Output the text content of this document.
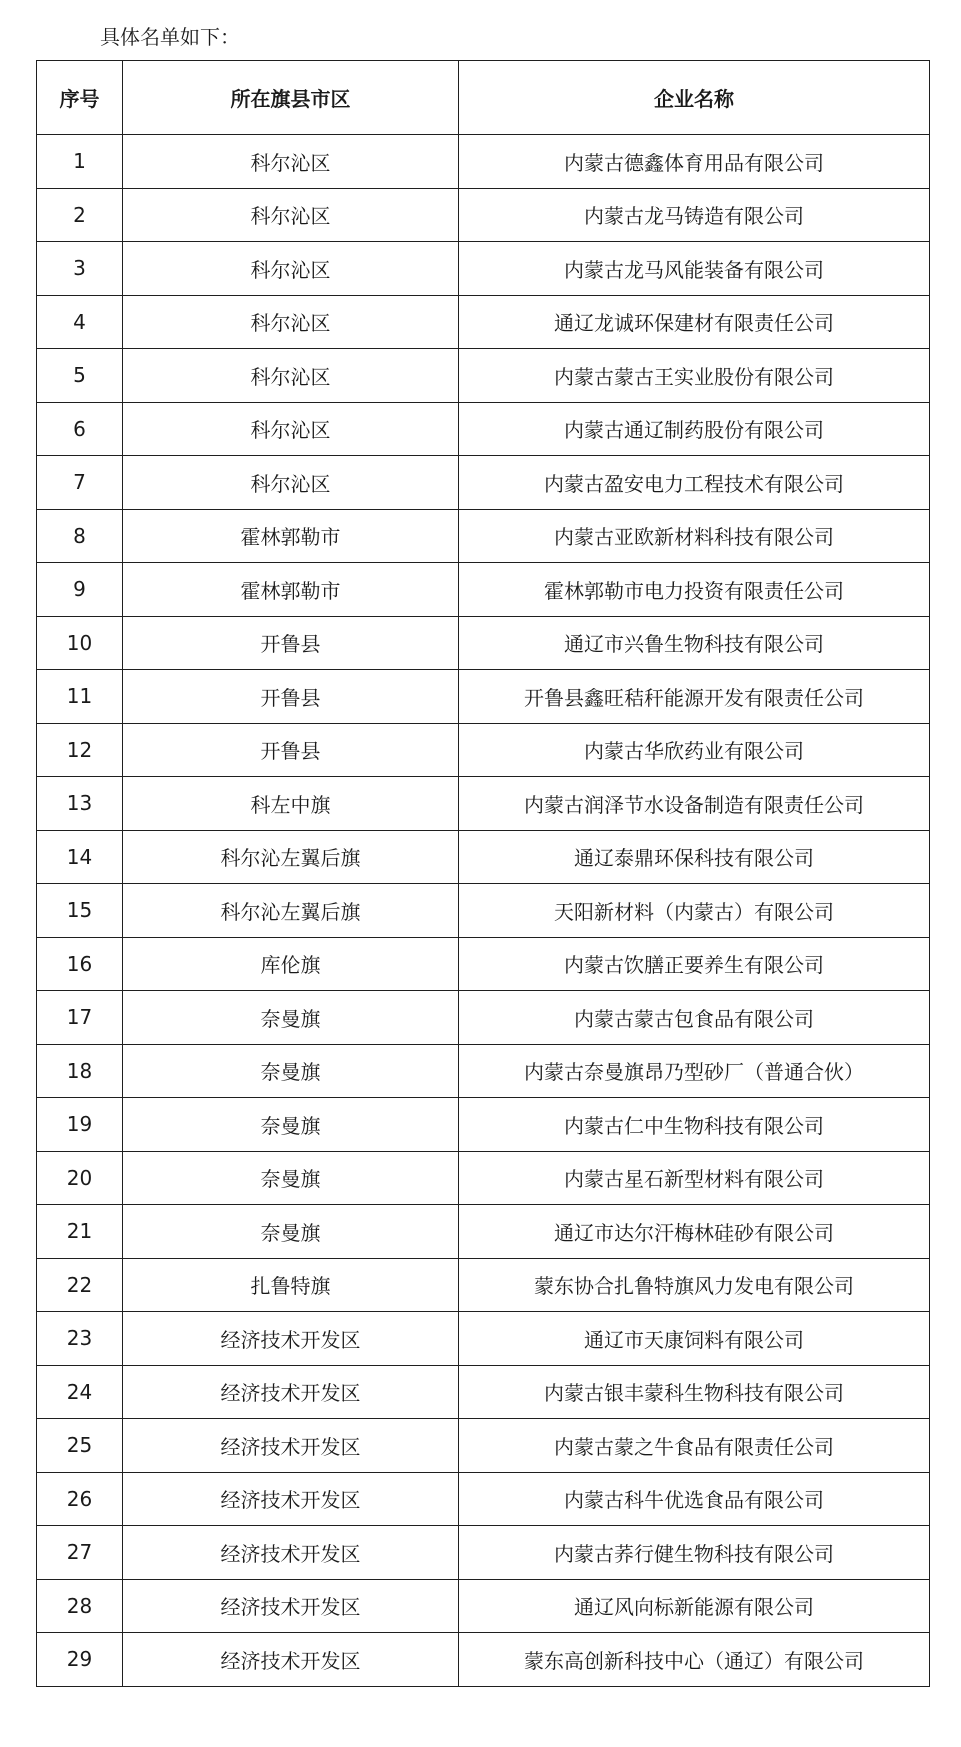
具体名单如下：

序号	所在旗县市区	企业名称
1	科尔沁区	内蒙古德鑫体育用品有限公司
2	科尔沁区	内蒙古龙马铸造有限公司
3	科尔沁区	内蒙古龙马风能装备有限公司
4	科尔沁区	通辽龙诚环保建材有限责任公司
5	科尔沁区	内蒙古蒙古王实业股份有限公司
6	科尔沁区	内蒙古通辽制药股份有限公司
7	科尔沁区	内蒙古盈安电力工程技术有限公司
8	霍林郭勒市	内蒙古亚欧新材料科技有限公司
9	霍林郭勒市	霍林郭勒市电力投资有限责任公司
10	开鲁县	通辽市兴鲁生物科技有限公司
11	开鲁县	开鲁县鑫旺秸秆能源开发有限责任公司
12	开鲁县	内蒙古华欣药业有限公司
13	科左中旗	内蒙古润泽节水设备制造有限责任公司
14	科尔沁左翼后旗	通辽泰鼎环保科技有限公司
15	科尔沁左翼后旗	天阳新材料（内蒙古）有限公司
16	库伦旗	内蒙古饮膳正要养生有限公司
17	奈曼旗	内蒙古蒙古包食品有限公司
18	奈曼旗	内蒙古奈曼旗昂乃型砂厂（普通合伙）
19	奈曼旗	内蒙古仁中生物科技有限公司
20	奈曼旗	内蒙古星石新型材料有限公司
21	奈曼旗	通辽市达尔汗梅林硅砂有限公司
22	扎鲁特旗	蒙东协合扎鲁特旗风力发电有限公司
23	经济技术开发区	通辽市天康饲料有限公司
24	经济技术开发区	内蒙古银丰蒙科生物科技有限公司
25	经济技术开发区	内蒙古蒙之牛食品有限责任公司
26	经济技术开发区	内蒙古科牛优选食品有限公司
27	经济技术开发区	内蒙古荞行健生物科技有限公司
28	经济技术开发区	通辽风向标新能源有限公司
29	经济技术开发区	蒙东高创新科技中心（通辽）有限公司
